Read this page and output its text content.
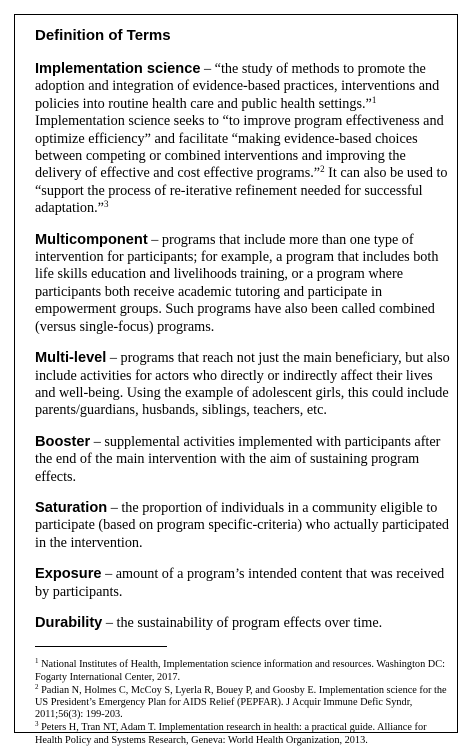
Definition of Terms

Implementation science – “the study of methods to promote the adoption and integration of evidence-based practices, interventions and policies into routine health care and public health settings.”$^1$ Implementation science seeks to “to improve program effectiveness and optimize efficiency” and facilitate “making evidence-based choices between competing or combined interventions and improving the delivery of effective and cost effective programs.”$^2$ It can also be used to “support the process of re-iterative refinement needed for successful adaptation.”$^3$

Multicomponent – programs that include more than one type of intervention for participants; for example, a program that includes both life skills education and livelihoods training, or a program where participants both receive academic tutoring and participate in empowerment groups. Such programs have also been called combined (versus single-focus) programs.

Multi-level – programs that reach not just the main beneficiary, but also include activities for actors who directly or indirectly affect their lives and well-being. Using the example of adolescent girls, this could include parents/guardians, husbands, siblings, teachers, etc.

Booster – supplemental activities implemented with participants after the end of the main intervention with the aim of sustaining program effects.

Saturation – the proportion of individuals in a community eligible to participate (based on program specific-criteria) who actually participated in the intervention.

Exposure – amount of a program’s intended content that was received by participants.

Durability – the sustainability of program effects over time.

$^1$ National Institutes of Health, Implementation science information and resources. Washington DC: Fogarty International Center, 2017.

$^2$ Padian N, Holmes C, McCoy S, Lyerla R, Bouey P, and Goosby E. Implementation science for the US President’s Emergency Plan for AIDS Relief (PEPFAR). J Acquir Immune Defic Syndr, 2011;56(3): 199-203.

$^3$ Peters H, Tran NT, Adam T. Implementation research in health: a practical guide. Alliance for Health Policy and Systems Research, Geneva: World Health Organization, 2013.
